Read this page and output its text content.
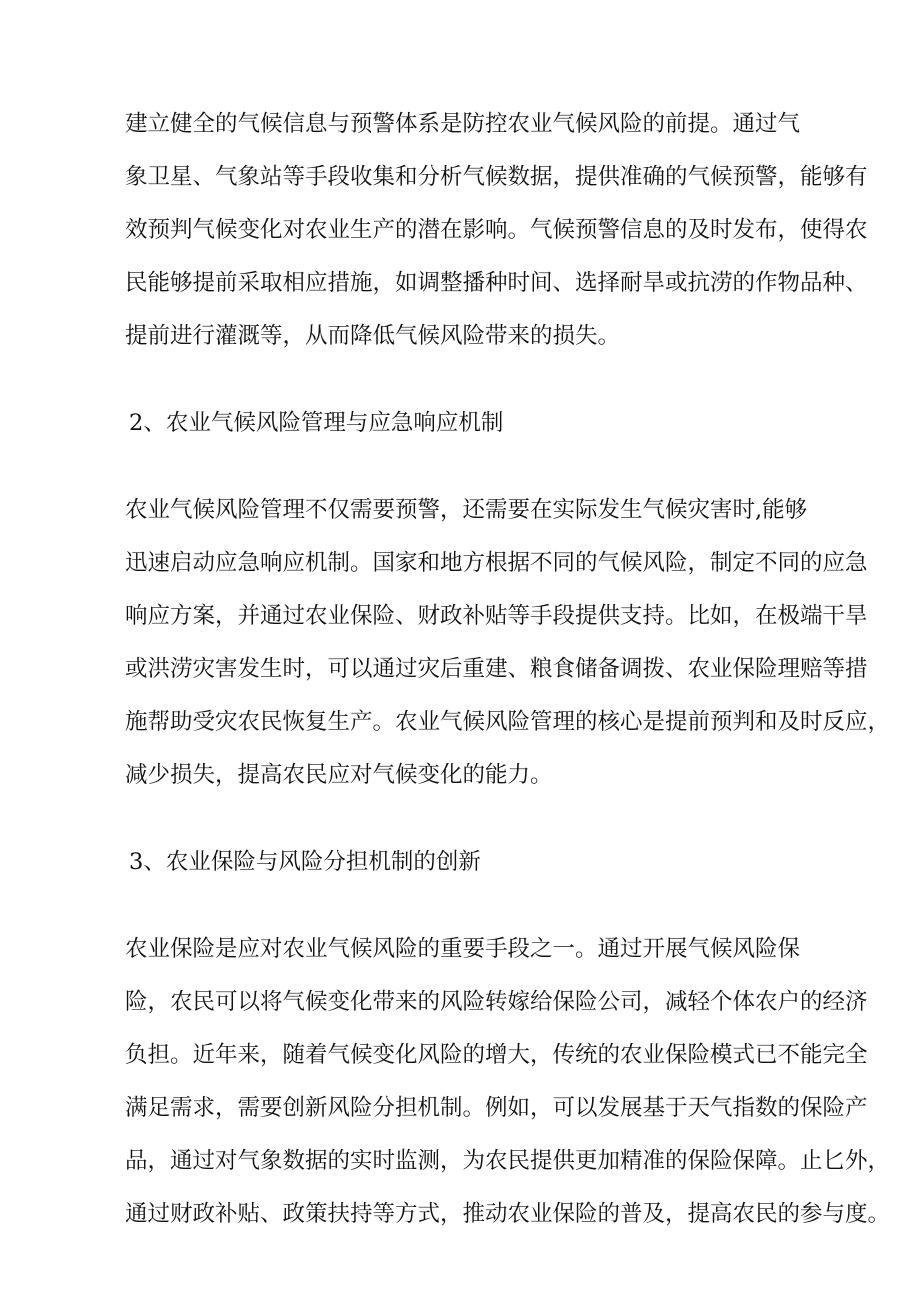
建立健全的气候信息与预警体系是防控农业气候风险的前提。通过气
象卫星、气象站等手段收集和分析气候数据，提供准确的气候预警，能够有
效预判气候变化对农业生产的潜在影响。气候预警信息的及时发布，使得农
民能够提前采取相应措施，如调整播种时间、选择耐旱或抗涝的作物品种、
提前进行灌溉等，从而降低气候风险带来的损失。

2、农业气候风险管理与应急响应机制

农业气候风险管理不仅需要预警，还需要在实际发生气候灾害时,能够
迅速启动应急响应机制。国家和地方根据不同的气候风险，制定不同的应急
响应方案，并通过农业保险、财政补贴等手段提供支持。比如，在极端干旱
或洪涝灾害发生时，可以通过灾后重建、粮食储备调拨、农业保险理赔等措
施帮助受灾农民恢复生产。农业气候风险管理的核心是提前预判和及时反应，
减少损失，提高农民应对气候变化的能力。

3、农业保险与风险分担机制的创新

农业保险是应对农业气候风险的重要手段之一。通过开展气候风险保
险，农民可以将气候变化带来的风险转嫁给保险公司，减轻个体农户的经济
负担。近年来，随着气候变化风险的增大，传统的农业保险模式已不能完全
满足需求，需要创新风险分担机制。例如，可以发展基于天气指数的保险产
品，通过对气象数据的实时监测，为农民提供更加精准的保险保障。止匕外，
通过财政补贴、政策扶持等方式，推动农业保险的普及，提高农民的参与度。
